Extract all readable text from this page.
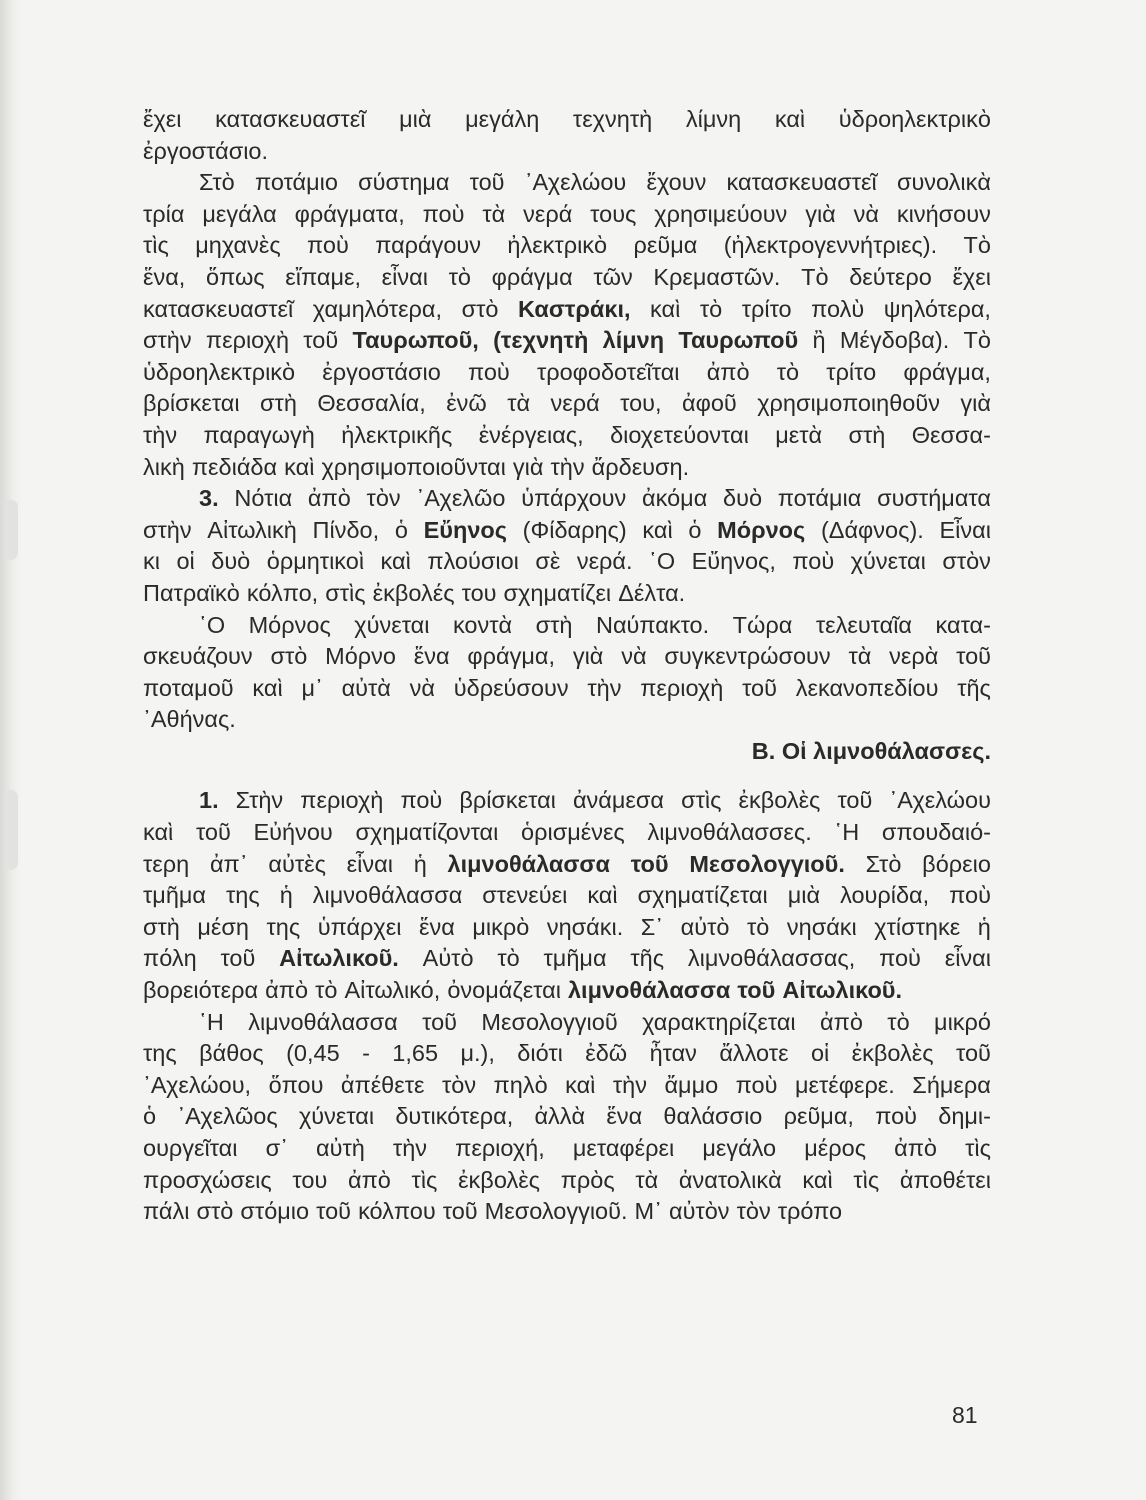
ἔχει κατασκευαστεῖ μιὰ μεγάλη τεχνητὴ λίμνη καὶ ὑδροηλεκτρικὸ
ἐργοστάσιο.
Στὸ ποτάμιο σύστημα τοῦ ᾿Αχελώου ἔχουν κατασκευαστεῖ συνολικὰ
τρία μεγάλα φράγματα, ποὺ τὰ νερά τους χρησιμεύουν γιὰ νὰ κινήσουν
τὶς μηχανὲς ποὺ παράγουν ἠλεκτρικὸ ρεῦμα (ἠλεκτρογεννήτριες). Τὸ
ἕνα, ὅπως εἴπαμε, εἶναι τὸ φράγμα τῶν Κρεμαστῶν. Τὸ δεύτερο ἔχει
κατασκευαστεῖ χαμηλότερα, στὸ Καστράκι, καὶ τὸ τρίτο πολὺ ψηλότερα,
στὴν περιοχὴ τοῦ Ταυρωποῦ, (τεχνητὴ λίμνη Ταυρωποῦ ἢ Μέγδοβα). Τὸ
ὑδροηλεκτρικὸ ἐργοστάσιο ποὺ τροφοδοτεῖται ἀπὸ τὸ τρίτο φράγμα,
βρίσκεται στὴ Θεσσαλία, ἐνῶ τὰ νερά του, ἀφοῦ χρησιμοποιηθοῦν γιὰ
τὴν παραγωγὴ ἠλεκτρικῆς ἐνέργειας, διοχετεύονται μετὰ στὴ Θεσσα-
λικὴ πεδιάδα καὶ χρησιμοποιοῦνται γιὰ τὴν ἄρδευση.
3. Νότια ἀπὸ τὸν ᾿Αχελῶο ὑπάρχουν ἀκόμα δυὸ ποτάμια συστήματα
στὴν Αἰτωλικὴ Πίνδο, ὁ Εὔηνος (Φίδαρης) καὶ ὁ Μόρνος (Δάφνος). Εἶναι
κι οἱ δυὸ ὁρμητικοὶ καὶ πλούσιοι σὲ νερά. ῾Ο Εὔηνος, ποὺ χύνεται στὸν
Πατραϊκὸ κόλπο, στὶς ἐκβολές του σχηματίζει Δέλτα.
῾Ο Μόρνος χύνεται κοντὰ στὴ Ναύπακτο. Τώρα τελευταῖα κατα-
σκευάζουν στὸ Μόρνο ἕνα φράγμα, γιὰ νὰ συγκεντρώσουν τὰ νερὰ τοῦ
ποταμοῦ καὶ μ᾿ αὐτὰ νὰ ὑδρεύσουν τὴν περιοχὴ τοῦ λεκανοπεδίου τῆς
᾿Αθήνας.
Β. Οἱ λιμνοθάλασσες.
1. Στὴν περιοχὴ ποὺ βρίσκεται ἀνάμεσα στὶς ἐκβολὲς τοῦ ᾿Αχελώου
καὶ τοῦ Εὐήνου σχηματίζονται ὁρισμένες λιμνοθάλασσες. ῾Η σπουδαιό-
τερη ἀπ᾿ αὐτὲς εἶναι ἡ λιμνοθάλασσα τοῦ Μεσολογγιοῦ. Στὸ βόρειο
τμῆμα της ἡ λιμνοθάλασσα στενεύει καὶ σχηματίζεται μιὰ λουρίδα, ποὺ
στὴ μέση της ὑπάρχει ἕνα μικρὸ νησάκι. Σ᾿ αὐτὸ τὸ νησάκι χτίστηκε ἡ
πόλη τοῦ Αἰτωλικοῦ. Αὐτὸ τὸ τμῆμα τῆς λιμνοθάλασσας, ποὺ εἶναι
βορειότερα ἀπὸ τὸ Αἰτωλικό, ὀνομάζεται λιμνοθάλασσα τοῦ Αἰτωλικοῦ.
῾Η λιμνοθάλασσα τοῦ Μεσολογγιοῦ χαρακτηρίζεται ἀπὸ τὸ μικρό
της βάθος (0,45 - 1,65 μ.), διότι ἐδῶ ἦταν ἄλλοτε οἱ ἐκβολὲς τοῦ
᾿Αχελώου, ὅπου ἀπέθετε τὸν πηλὸ καὶ τὴν ἄμμο ποὺ μετέφερε. Σήμερα
ὁ ᾿Αχελῶος χύνεται δυτικότερα, ἀλλὰ ἕνα θαλάσσιο ρεῦμα, ποὺ δημι-
ουργεῖται σ᾿ αὐτὴ τὴν περιοχή, μεταφέρει μεγάλο μέρος ἀπὸ τὶς
προσχώσεις του ἀπὸ τὶς ἐκβολὲς πρὸς τὰ ἀνατολικὰ καὶ τὶς ἀποθέτει
πάλι στὸ στόμιο τοῦ κόλπου τοῦ Μεσολογγιοῦ. Μ᾿ αὐτὸν τὸν τρόπο
81
